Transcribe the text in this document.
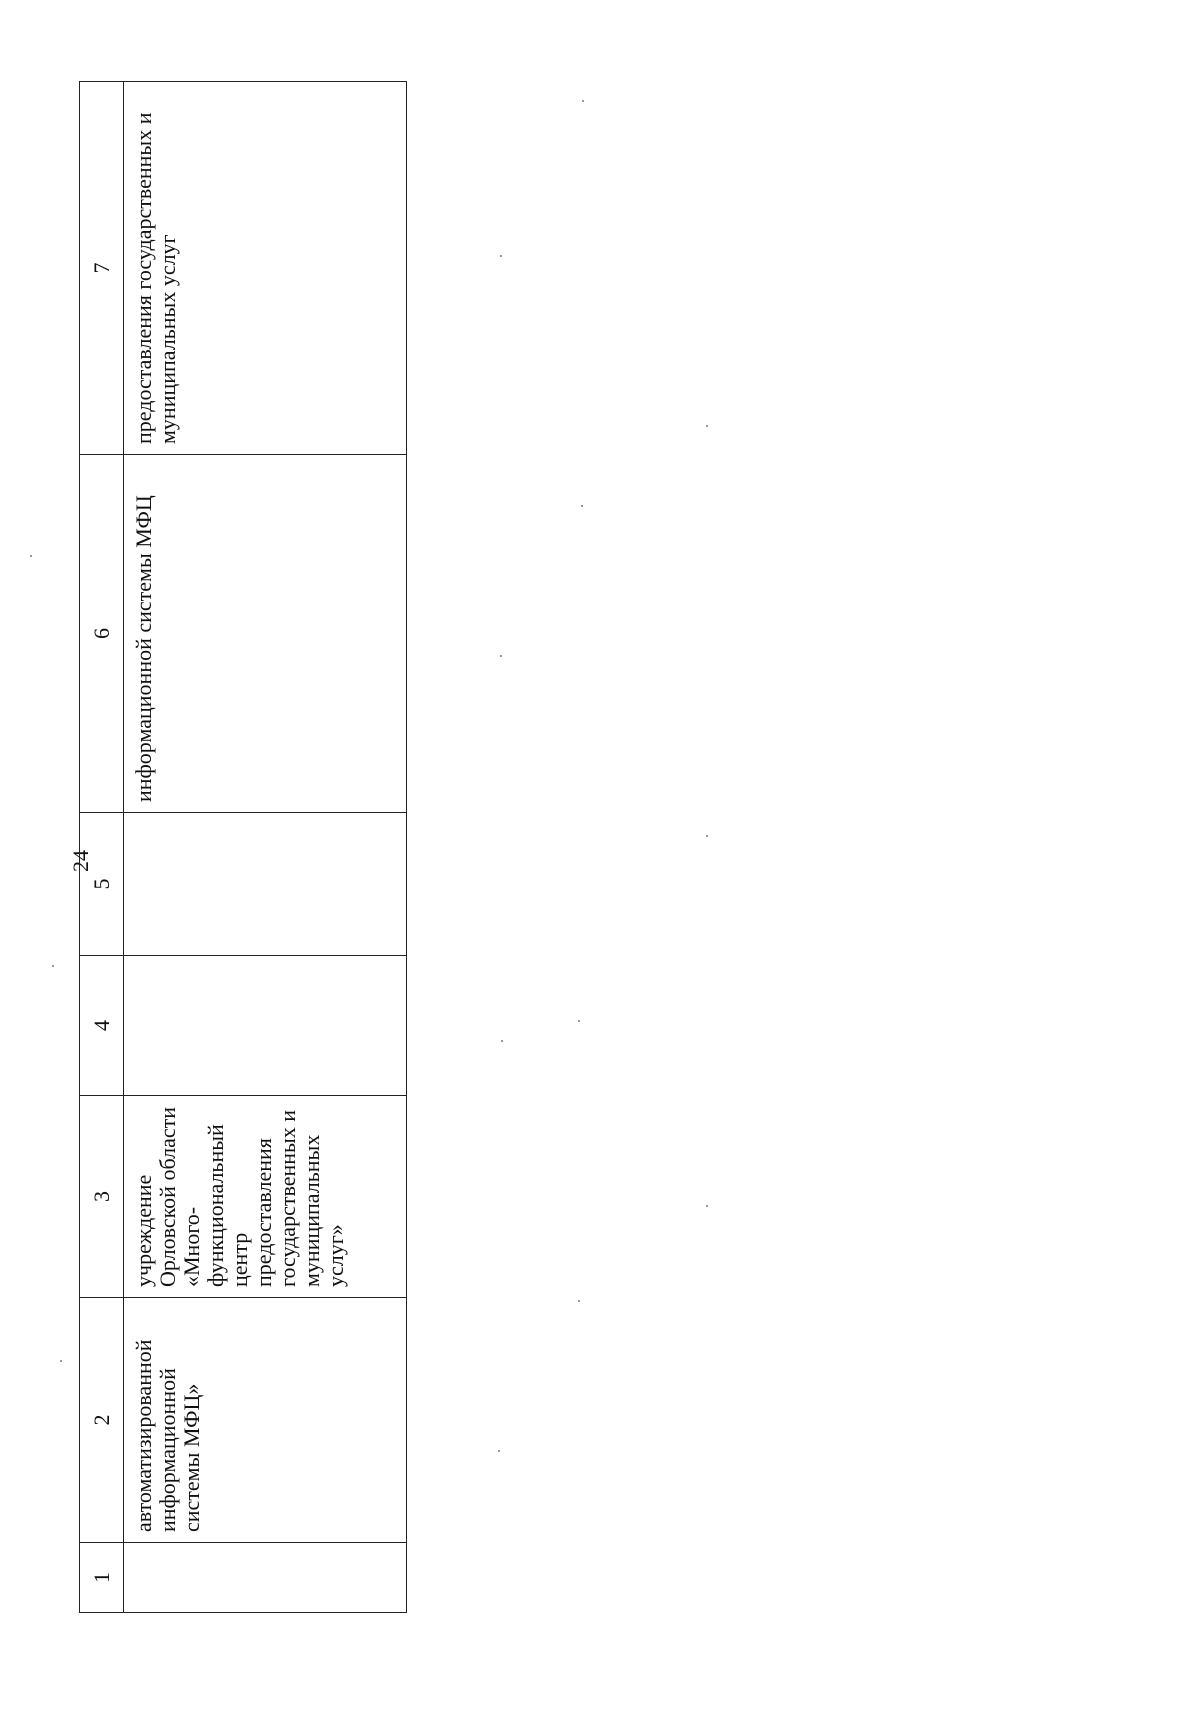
24
1	2	3	4	5	6	7
	автоматизированной информационной системы МФЦ»	учреждение Орловской области «Много-функциональный центр предоставления государственных и муниципальных услуг»			информационной системы МФЦ	предоставления государственных и муниципальных услуг
